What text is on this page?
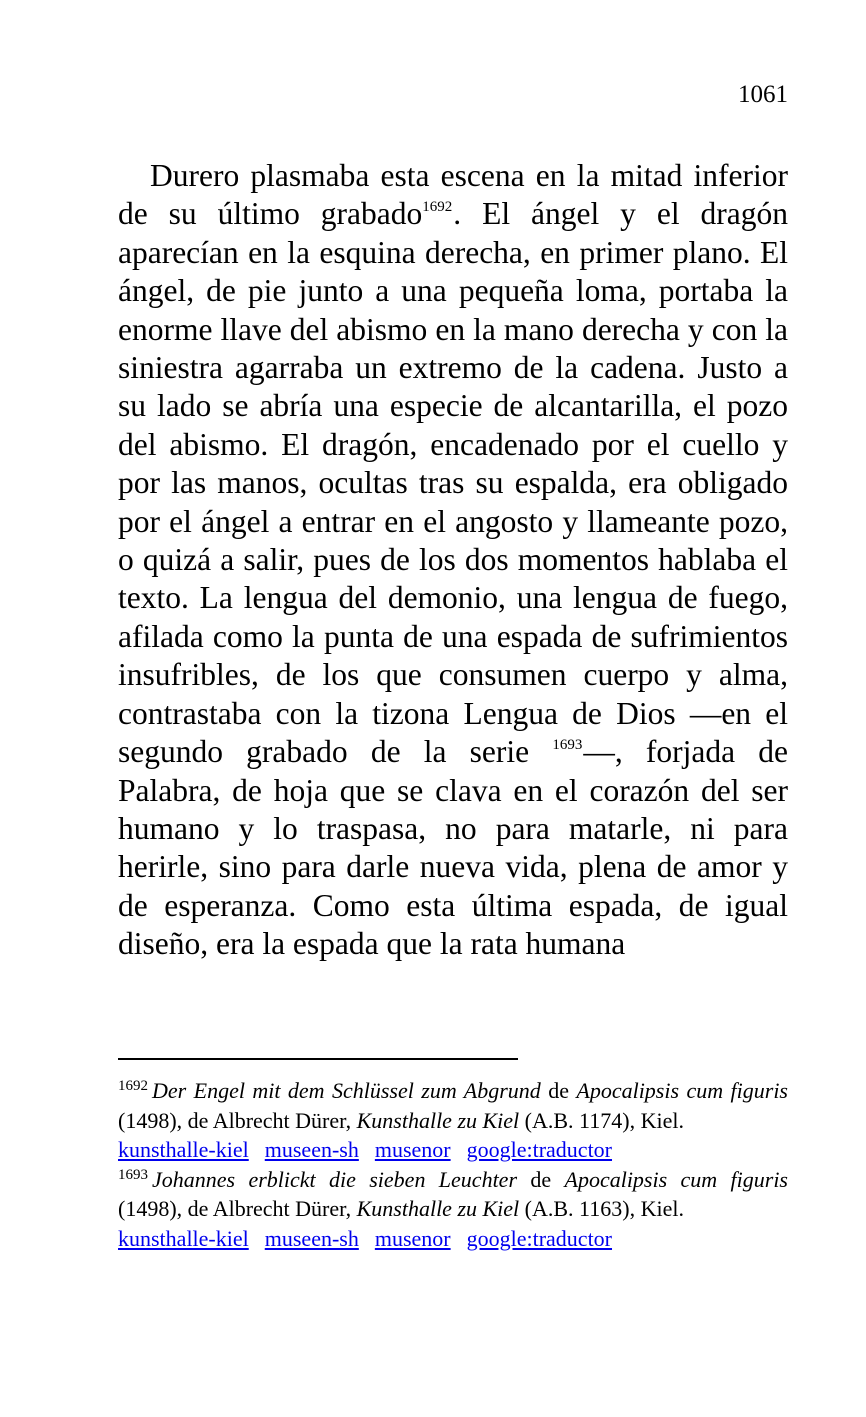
1061

Durero plasmaba esta escena en la mitad inferior de su último grabado$^{1692}$. El ángel y el dragón aparecían en la esquina derecha, en primer plano. El ángel, de pie junto a una pequeña loma, portaba la enorme llave del abismo en la mano derecha y con la siniestra agarraba un extremo de la cadena. Justo a su lado se abría una especie de alcantarilla, el pozo del abismo. El dragón, encadenado por el cuello y por las manos, ocultas tras su espalda, era obligado por el ángel a entrar en el angosto y llameante pozo, o quizá a salir, pues de los dos momentos hablaba el texto. La lengua del demonio, una lengua de fuego, afilada como la punta de una espada de sufrimientos insufribles, de los que consumen cuerpo y alma, contrastaba con la tizona Lengua de Dios —en el segundo grabado de la serie $^{1693}$—, forjada de Palabra, de hoja que se clava en el corazón del ser humano y lo traspasa, no para matarle, ni para herirle, sino para darle nueva vida, plena de amor y de esperanza. Como esta última espada, de igual diseño, era la espada que la rata humana

$^{1692}$ Der Engel mit dem Schlüssel zum Abgrund de Apocalipsis cum figuris (1498), de Albrecht Dürer, Kunsthalle zu Kiel (A.B. 1174), Kiel.

kunsthalle-kiel museen-sh musenor google:traductor

$^{1693}$ Johannes erblickt die sieben Leuchter de Apocalipsis cum figuris (1498), de Albrecht Dürer, Kunsthalle zu Kiel (A.B. 1163), Kiel.

kunsthalle-kiel museen-sh musenor google:traductor
